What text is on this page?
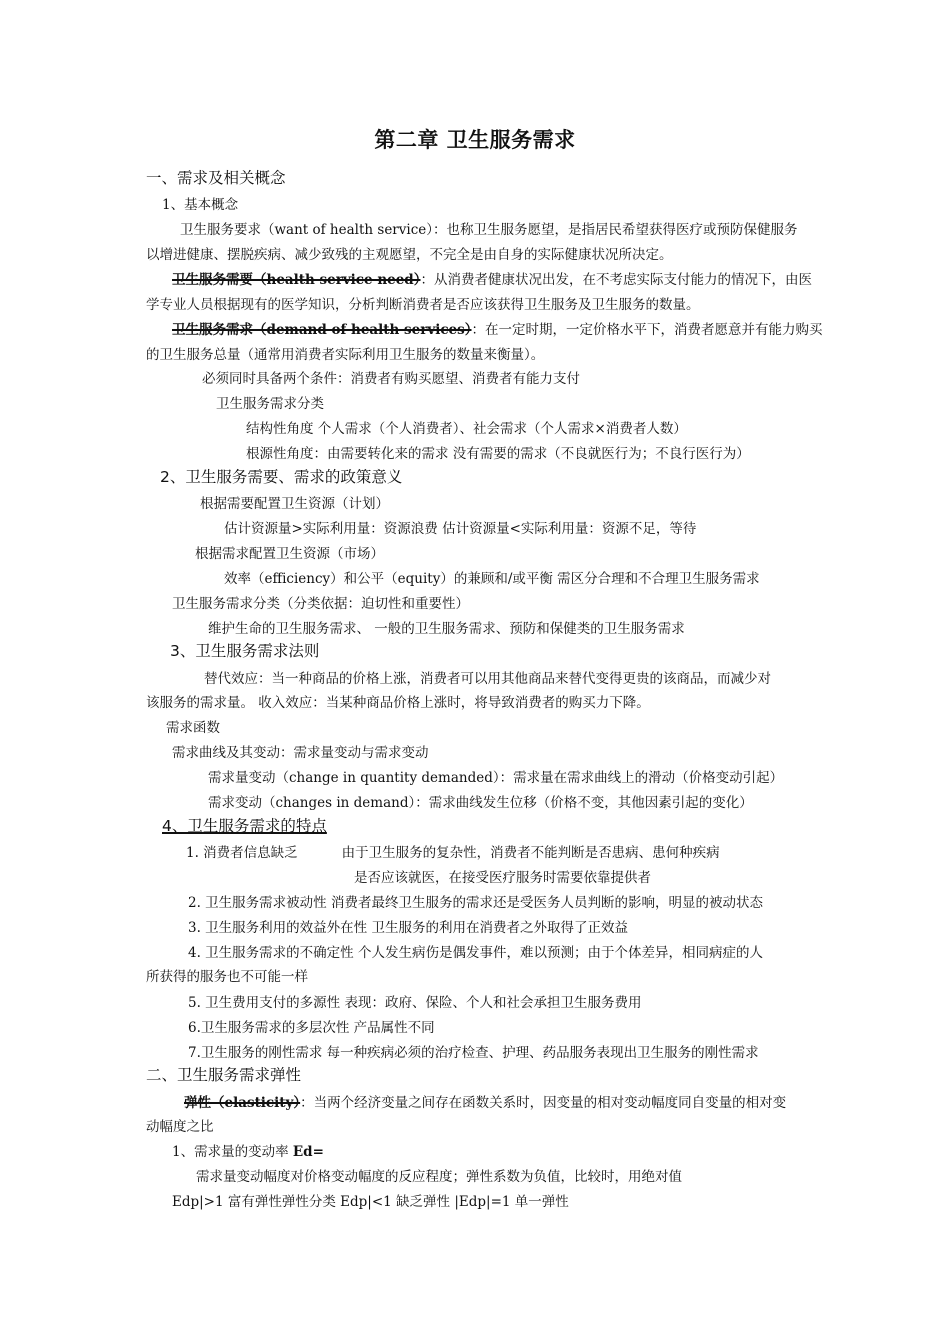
第二章 卫生服务需求
一、需求及相关概念
1、基本概念
卫生服务要求（want of health service）：也称卫生服务愿望，是指居民希望获得医疗或预防保健服务
以增进健康、摆脱疾病、减少致残的主观愿望，不完全是由自身的实际健康状况所决定。
卫生服务需要（health service need）：从消费者健康状况出发，在不考虑实际支付能力的情况下，由医
学专业人员根据现有的医学知识，分析判断消费者是否应该获得卫生服务及卫生服务的数量。
卫生服务需求（demand of health services）：在一定时期，一定价格水平下，消费者愿意并有能力购买
的卫生服务总量（通常用消费者实际利用卫生服务的数量来衡量）。
必须同时具备两个条件：消费者有购买愿望、消费者有能力支付
卫生服务需求分类
结构性角度 个人需求（个人消费者）、社会需求（个人需求×消费者人数）
根源性角度：由需要转化来的需求 没有需要的需求（不良就医行为；不良行医行为）
2、卫生服务需要、需求的政策意义
根据需要配置卫生资源（计划）
估计资源量>实际利用量：资源浪费 估计资源量<实际利用量：资源不足，等待
根据需求配置卫生资源（市场）
效率（efficiency）和公平（equity）的兼顾和/或平衡 需区分合理和不合理卫生服务需求
卫生服务需求分类（分类依据：迫切性和重要性）
维护生命的卫生服务需求、 一般的卫生服务需求、预防和保健类的卫生服务需求
3、卫生服务需求法则
替代效应：当一种商品的价格上涨，消费者可以用其他商品来替代变得更贵的该商品，而减少对
该服务的需求量。 收入效应：当某种商品价格上涨时，将导致消费者的购买力下降。
需求函数
需求曲线及其变动：需求量变动与需求变动
需求量变动（change in quantity demanded）：需求量在需求曲线上的滑动（价格变动引起）
需求变动（changes in demand）：需求曲线发生位移（价格不变，其他因素引起的变化）
4、卫生服务需求的特点
1. 消费者信息缺乏	由于卫生服务的复杂性，消费者不能判断是否患病、患何种疾病
是否应该就医，在接受医疗服务时需要依靠提供者
2. 卫生服务需求被动性 消费者最终卫生服务的需求还是受医务人员判断的影响，明显的被动状态
3. 卫生服务利用的效益外在性 卫生服务的利用在消费者之外取得了正效益
4. 卫生服务需求的不确定性 个人发生病伤是偶发事件，难以预测；由于个体差异，相同病症的人
所获得的服务也不可能一样
5. 卫生费用支付的多源性 表现：政府、保险、个人和社会承担卫生服务费用
6.卫生服务需求的多层次性 产品属性不同
7.卫生服务的刚性需求 每一种疾病必须的治疗检查、护理、药品服务表现出卫生服务的刚性需求
二、卫生服务需求弹性
弹性（elasticity）：当两个经济变量之间存在函数关系时，因变量的相对变动幅度同自变量的相对变
动幅度之比
1、需求量的变动率 Ed=
需求量变动幅度对价格变动幅度的反应程度；弹性系数为负值，比较时，用绝对值
Edp|>1 富有弹性弹性分类 Edp|<1 缺乏弹性 |Edp|=1 单一弹性
